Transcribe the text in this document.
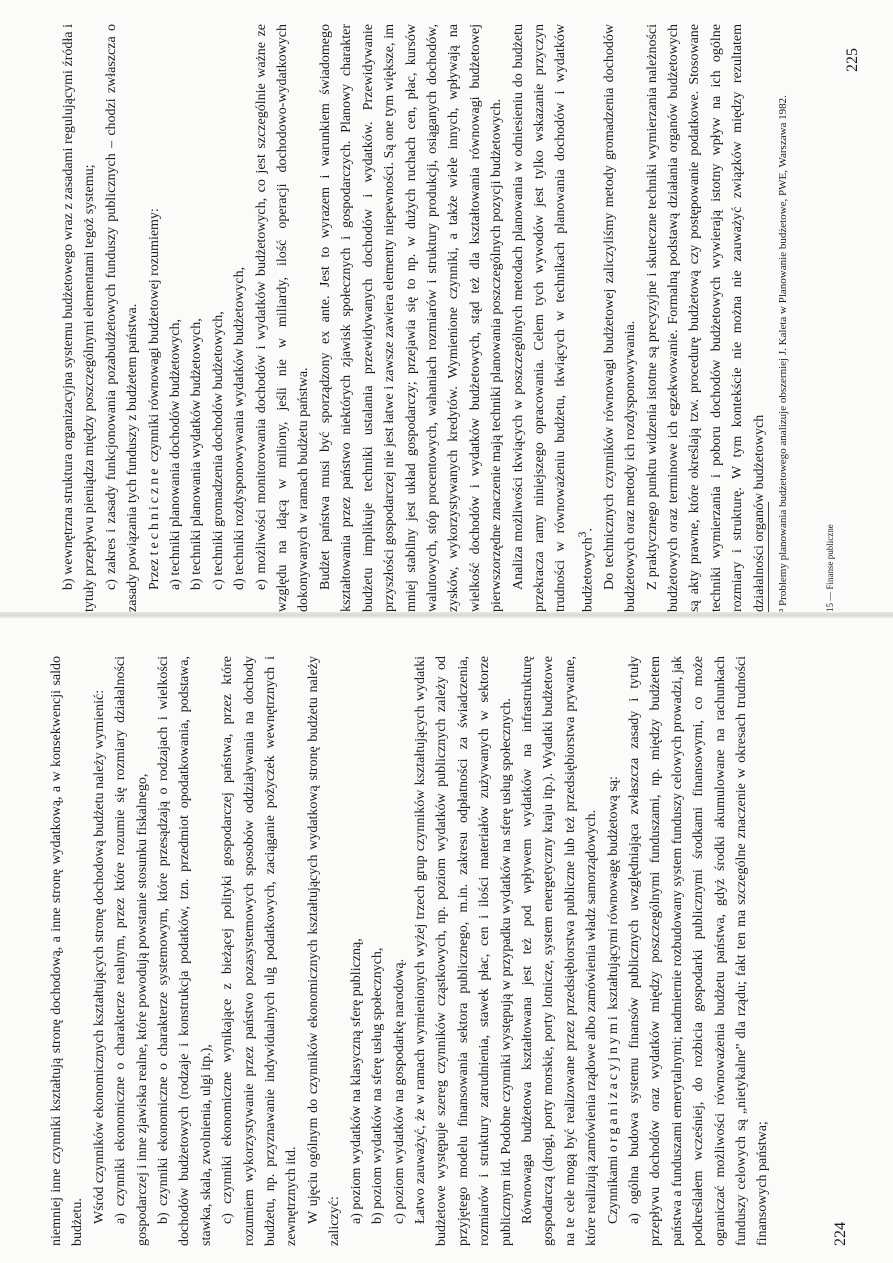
niemniej inne czynniki kształtują stronę dochodową, a inne stronę wydatkową, a w konsekwencji saldo budżetu. Wśród czynników ekonomicznych kształtujących stronę dochodową budżetu należy wymienić: a) czynniki ekonomiczne o charakterze realnym, przez które rozumie się rozmiary działalności gospodarczej i inne zjawiska realne, które powodują powstanie stosunku fiskalnego, b) czynniki ekonomiczne o charakterze systemowym, które przesądzają o rodzajach i wielkości dochodów budżetowych (rodzaje i konstrukcja podatków, tzn. przedmiot opodatkowania, podstawa, stawka, skala, zwolnienia, ulgi itp.), c) czynniki ekonomiczne wynikające z bieżącej polityki gospodarczej państwa, przez które rozumiem wykorzystywanie przez państwo pozasystemowych sposobów oddziaływania na dochody budżetu, np. przyznawanie indywidualnych ulg podatkowych, zaciąganie pożyczek wewnętrznych i zewnętrznych itd. W ujęciu ogólnym do czynników ekonomicznych kształtujących wydatkową stronę budżetu należy zaliczyć: a) poziom wydatków na klasyczną sferę publiczną, b) poziom wydatków na sferę usług społecznych, c) poziom wydatków na gospodarkę narodową. Łatwo zauważyć, że w ramach wymienionych wyżej trzech grup czynników kształtujących wydatki budżetowe występuje szereg czynników cząstkowych, np. poziom wydatków publicznych zależy od przyjętego modelu finansowania sektora publicznego, m.in. zakresu odpłatności za świadczenia, rozmiarów i struktury zatrudnienia, stawek płac, cen i ilości materiałów zużywanych w sektorze publicznym itd. Podobne czynniki występują w przypadku wydatków na sferę usług społecznych. Równowaga budżetowa kształtowana jest też pod wpływem wydatków na infrastrukturę gospodarczą (drogi, porty morskie, porty lotnicze, system energetyczny kraju itp.). Wydatki budżetowe na te cele mogą być realizowane przez przedsiębiorstwa publiczne lub też przedsiębiorstwa prywatne, które realizują zamówienia rządowe albo zamówienia władz samorządowych. Czynnikami organizacyjnymi kształtującymi równowagę budżetową są: a) ogólna budowa systemu finansów publicznych uwzględniająca zwłaszcza zasady i tytuły przepływu dochodów oraz wydatków między poszczególnymi funduszami, np. między budżetem państwa a funduszami emerytalnymi; nadmiernie rozbudowany system funduszy celowych prowadzi, jak podkreślałem wcześniej, do rozbicia gospodarki publicznymi środkami finansowymi, co może ograniczać możliwości równoważenia budżetu państwa, gdyż środki akumulowane na rachunkach funduszy celowych są „nietykalne” dla rządu; fakt ten ma szczególne znaczenie w okresach trudności finansowych państwa;	224

b) wewnętrzna struktura organizacyjna systemu budżetowego wraz z zasadami regulującymi źródła i tytuły przepływu pieniądza między poszczególnymi elementami tegoż systemu; c) zakres i zasady funkcjonowania pozabudżetowych funduszy publicznych – chodzi zwłaszcza o zasady powiązania tych funduszy z budżetem państwa. Przez techniczne czynniki równowagi budżetowej rozumiemy: a) techniki planowania dochodów budżetowych, b) techniki planowania wydatków budżetowych, c) techniki gromadzenia dochodów budżetowych, d) techniki rozdysponowywania wydatków budżetowych, e) możliwości monitorowania dochodów i wydatków budżetowych, co jest szczególnie ważne ze względu na idącą w miliony, jeśli nie w miliardy, ilość operacji dochodowo-wydatkowych dokonywanych w ramach budżetu państwa. Budżet państwa musi być sporządzony ex ante. Jest to wyrazem i warunkiem świadomego kształtowania przez państwo niektórych zjawisk społecznych i gospodarczych. Planowy charakter budżetu implikuje techniki ustalania przewidywanych dochodów i wydatków. Przewidywanie przyszłości gospodarczej nie jest łatwe i zawsze zawiera elementy niepewności. Są one tym większe, im mniej stabilny jest układ gospodarczy; przejawia się to np. w dużych ruchach cen, płac, kursów walutowych, stóp procentowych, wahaniach rozmiarów i struktury produkcji, osiąganych dochodów, zysków, wykorzystywanych kredytów. Wymienione czynniki, a także wiele innych, wpływają na wielkość dochodów i wydatków budżetowych, stąd też dla kształtowania równowagi budżetowej pierwszorzędne znaczenie mają techniki planowania poszczególnych pozycji budżetowych. Analiza możliwości tkwiących w poszczególnych metodach planowania w odniesieniu do budżetu przekracza ramy niniejszego opracowania. Celem tych wywodów jest tylko wskazanie przyczyn trudności w równoważeniu budżetu, tkwiących w technikach planowania dochodów i wydatków budżetowych$^3$. Do technicznych czynników równowagi budżetowej zaliczyliśmy metody gromadzenia dochodów budżetowych oraz metody ich rozdysponowywania. Z praktycznego punktu widzenia istotne są precyzyjne i skuteczne techniki wymierzania należności budżetowych oraz terminowe ich egzekwowanie. Formalną podstawą działania organów budżetowych są akty prawne, które określają tzw. procedurę budżetową czy postępowanie podatkowe. Stosowane techniki wymierzania i poboru dochodów budżetowych wywierają istotny wpływ na ich ogólne rozmiary i strukturę. W tym kontekście nie można nie zauważyć związków między rezultatem działalności organów budżetowych ³ Problemy planowania budżetowego analizuje obszerniej J. Kaleta w Planowanie budżetowe, PWE, Warszawa 1982.	15 — Finanse publiczne
225
